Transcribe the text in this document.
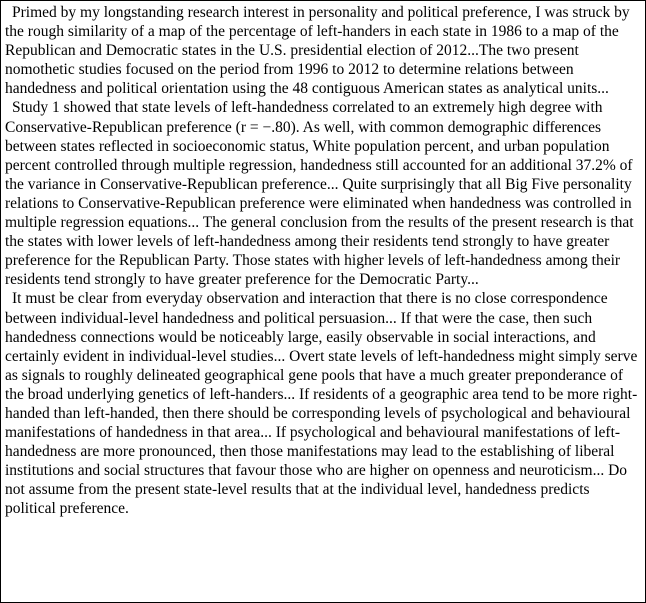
Primed by my longstanding research interest in personality and political preference, I was struck by the rough similarity of a map of the percentage of left-handers in each state in 1986 to a map of the Republican and Democratic states in the U.S. presidential election of 2012...The two present nomothetic studies focused on the period from 1996 to 2012 to determine relations between handedness and political orientation using the 48 contiguous American states as analytical units...

Study 1 showed that state levels of left-handedness correlated to an extremely high degree with Conservative-Republican preference (r = −.80). As well, with common demographic differences between states reflected in socioeconomic status, White population percent, and urban population percent controlled through multiple regression, handedness still accounted for an additional 37.2% of the variance in Conservative-Republican preference... Quite surprisingly that all Big Five personality relations to Conservative-Republican preference were eliminated when handedness was controlled in multiple regression equations... The general conclusion from the results of the present research is that the states with lower levels of left-handedness among their residents tend strongly to have greater preference for the Republican Party. Those states with higher levels of left-handedness among their residents tend strongly to have greater preference for the Democratic Party...

It must be clear from everyday observation and interaction that there is no close correspondence between individual-level handedness and political persuasion... If that were the case, then such handedness connections would be noticeably large, easily observable in social interactions, and certainly evident in individual-level studies... Overt state levels of left-handedness might simply serve as signals to roughly delineated geographical gene pools that have a much greater preponderance of the broad underlying genetics of left-handers... If residents of a geographic area tend to be more right-handed than left-handed, then there should be corresponding levels of psychological and behavioural manifestations of handedness in that area... If psychological and behavioural manifestations of left-handedness are more pronounced, then those manifestations may lead to the establishing of liberal institutions and social structures that favour those who are higher on openness and neuroticism... Do not assume from the present state-level results that at the individual level, handedness predicts political preference.
